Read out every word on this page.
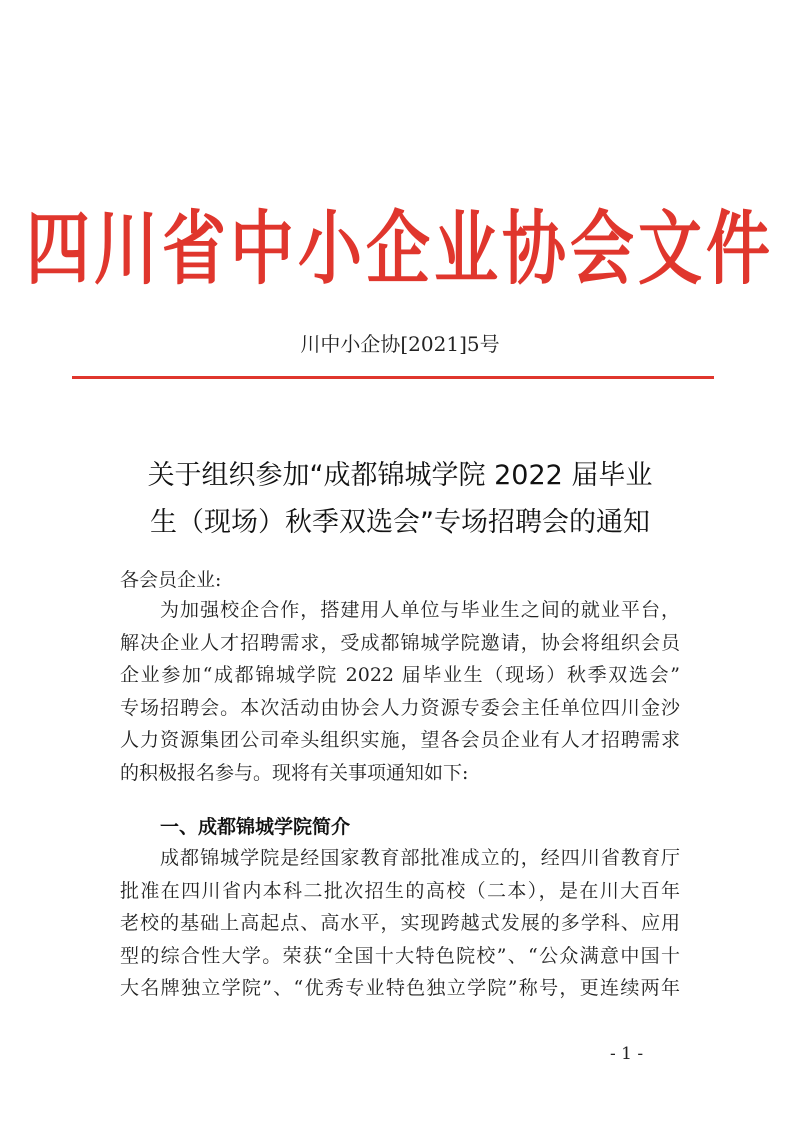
四川省中小企业协会文件
川中小企协[2021]5号
关于组织参加“成都锦城学院 2022 届毕业
生（现场）秋季双选会”专场招聘会的通知
各会员企业:
为加强校企合作，搭建用人单位与毕业生之间的就业平台，
解决企业人才招聘需求，受成都锦城学院邀请，协会将组织会员
企业参加“成都锦城学院 2022 届毕业生（现场）秋季双选会”
专场招聘会。本次活动由协会人力资源专委会主任单位四川金沙
人力资源集团公司牵头组织实施，望各会员企业有人才招聘需求
的积极报名参与。现将有关事项通知如下:
一、成都锦城学院简介
成都锦城学院是经国家教育部批准成立的，经四川省教育厅
批准在四川省内本科二批次招生的高校（二本），是在川大百年
老校的基础上高起点、高水平，实现跨越式发展的多学科、应用
型的综合性大学。荣获“全国十大特色院校”、“公众满意中国十
大名牌独立学院”、“优秀专业特色独立学院”称号，更连续两年
- 1 -
